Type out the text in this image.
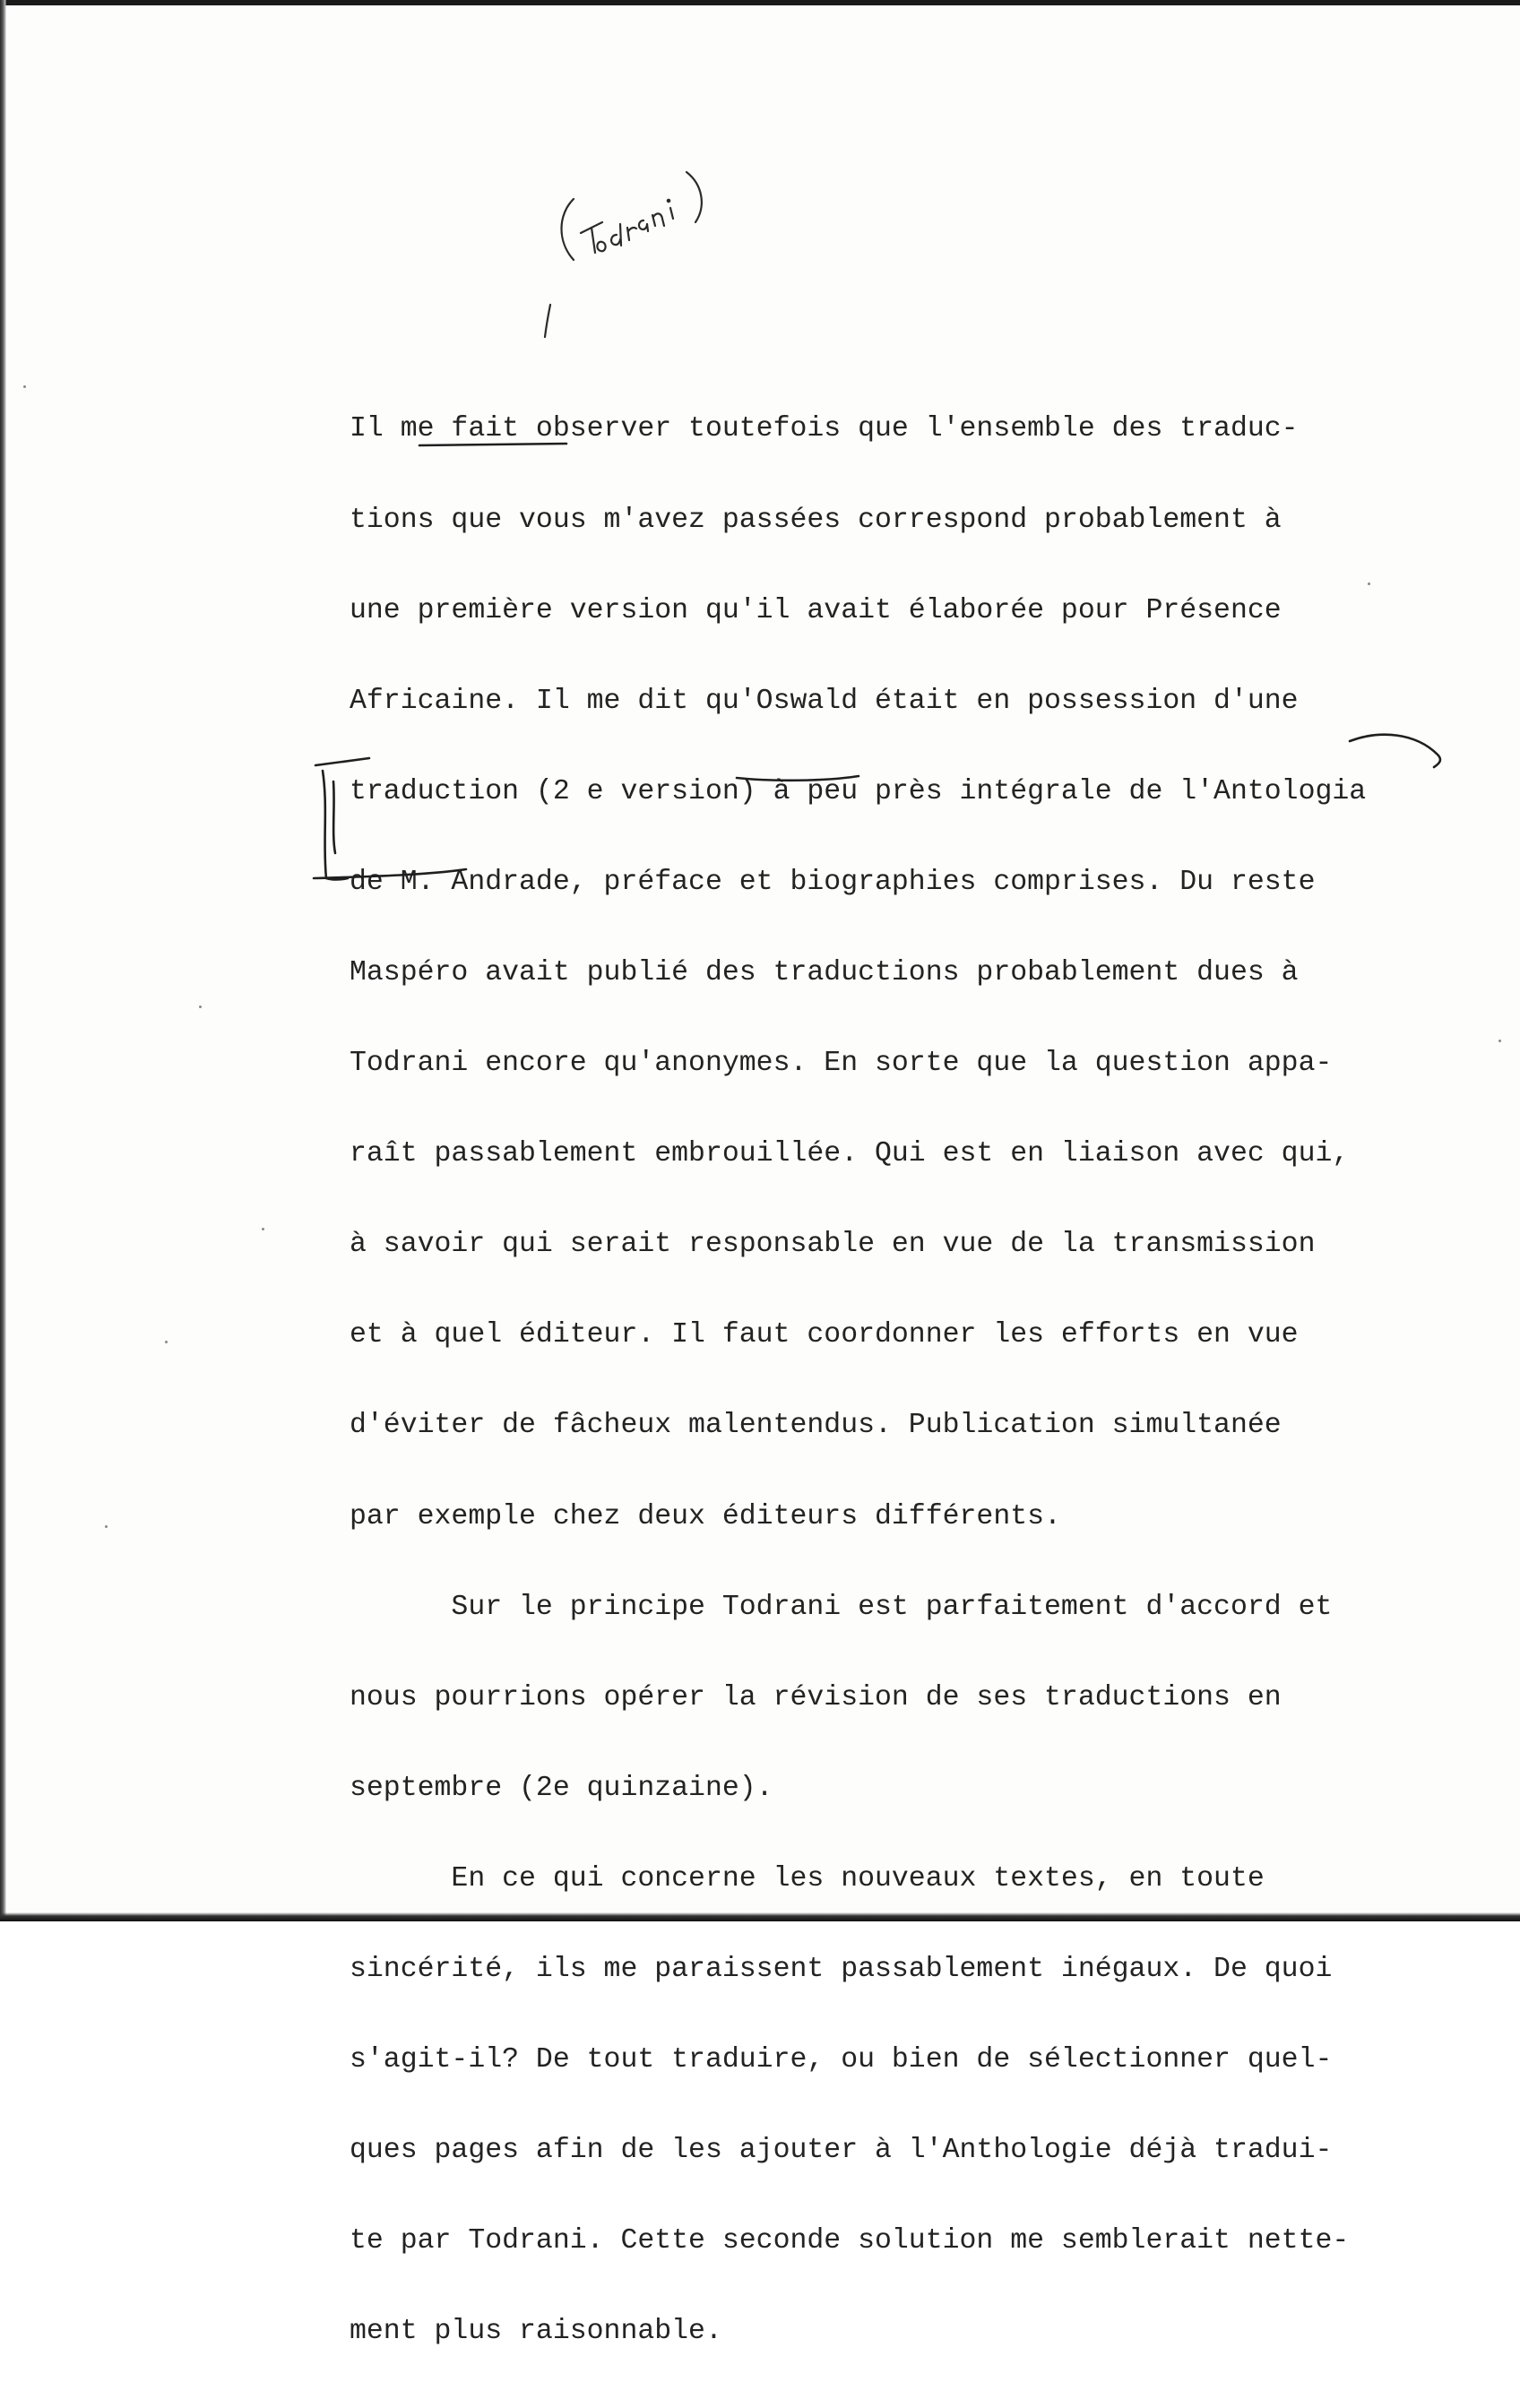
Il me fait observer toutefois que l'ensemble des traduc-

tions que vous m'avez passées correspond probablement à

une première version qu'il avait élaborée pour Présence

Africaine. Il me dit qu'Oswald était en possession d'une

traduction (2 e version) à peu près intégrale de l'Antologia

de M. Andrade, préface et biographies comprises. Du reste

Maspéro avait publié des traductions probablement dues à

Todrani encore qu'anonymes. En sorte que la question appa-

raît passablement embrouillée. Qui est en liaison avec qui,

à savoir qui serait responsable en vue de la transmission

et à quel éditeur. Il faut coordonner les efforts en vue

d'éviter de fâcheux malentendus. Publication simultanée

par exemple chez deux éditeurs différents.

Sur le principe Todrani est parfaitement d'accord et

nous pourrions opérer la révision de ses traductions en

septembre (2e quinzaine).

En ce qui concerne les nouveaux textes, en toute

sincérité, ils me paraissent passablement inégaux. De quoi

s'agit-il? De tout traduire, ou bien de sélectionner quel-

ques pages afin de les ajouter à l'Anthologie déjà tradui-

te par Todrani. Cette seconde solution me semblerait nette-

ment plus raisonnable.
